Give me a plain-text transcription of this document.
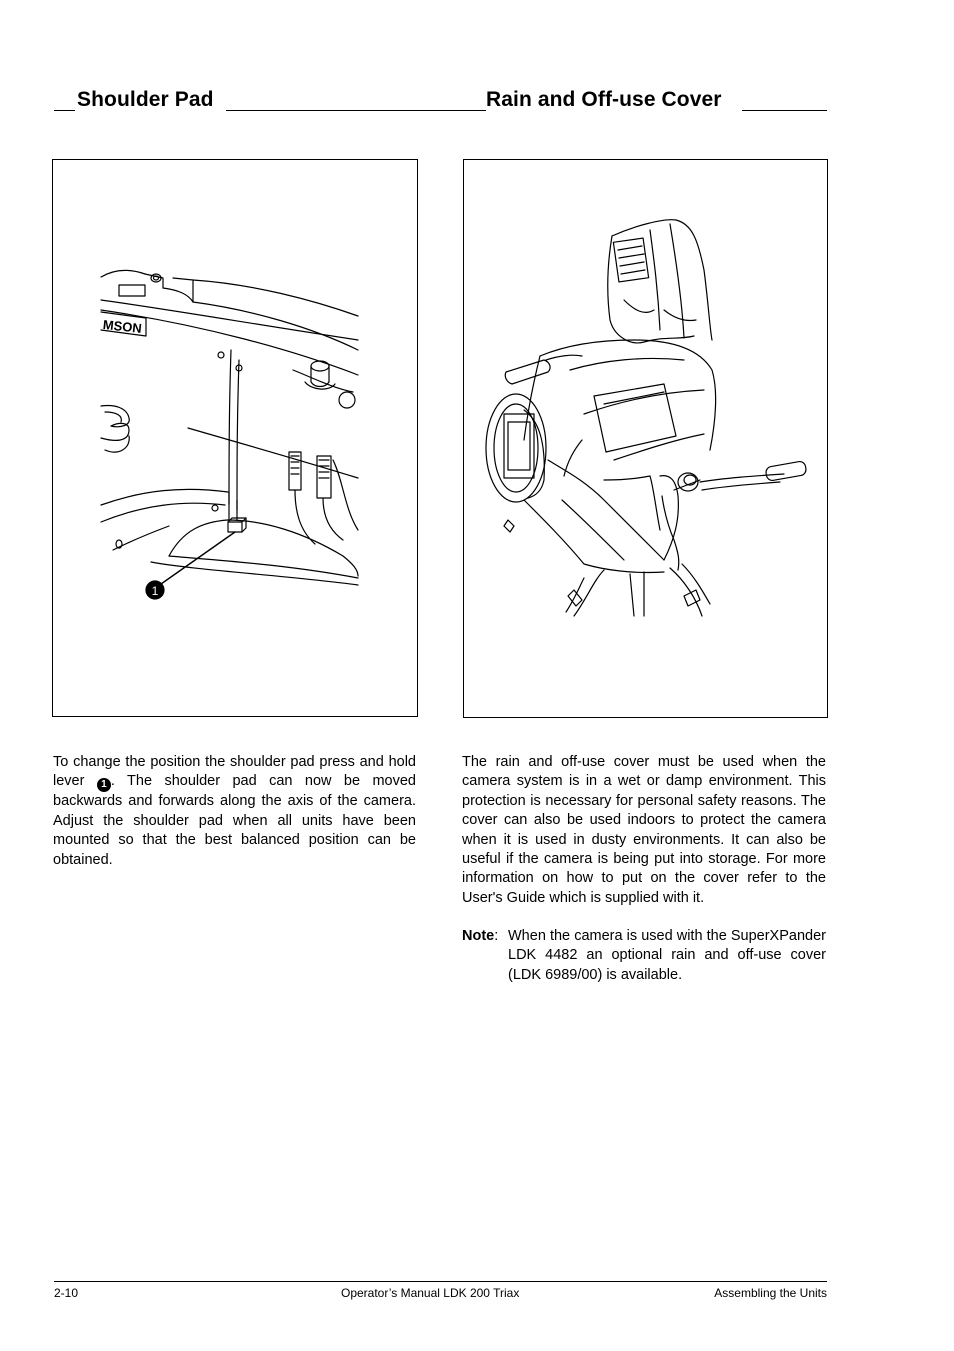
Shoulder Pad	Rain and Off-use Cover
MSON
1
To change the position the shoulder pad press and hold lever 1 . The shoulder pad can now be moved backwards and forwards along the axis of the camera. Adjust the shoulder pad when all units have been mounted so that the best balanced position can be obtained.
The rain and off-use cover must be used when the camera system is in a wet or damp environment. This protection is necessary for personal safety reasons. The cover can also be used indoors to protect the camera when it is used in dusty environments. It can also be useful if the camera is being put into storage. For more information on how to put on the cover refer to the User's Guide which is supplied with it.
Note: When the camera is used with the SuperXPander LDK 4482 an optional rain and off-use cover (LDK 6989/00) is available.
2-10	Operator’s Manual LDK 200 Triax	Assembling the Units
